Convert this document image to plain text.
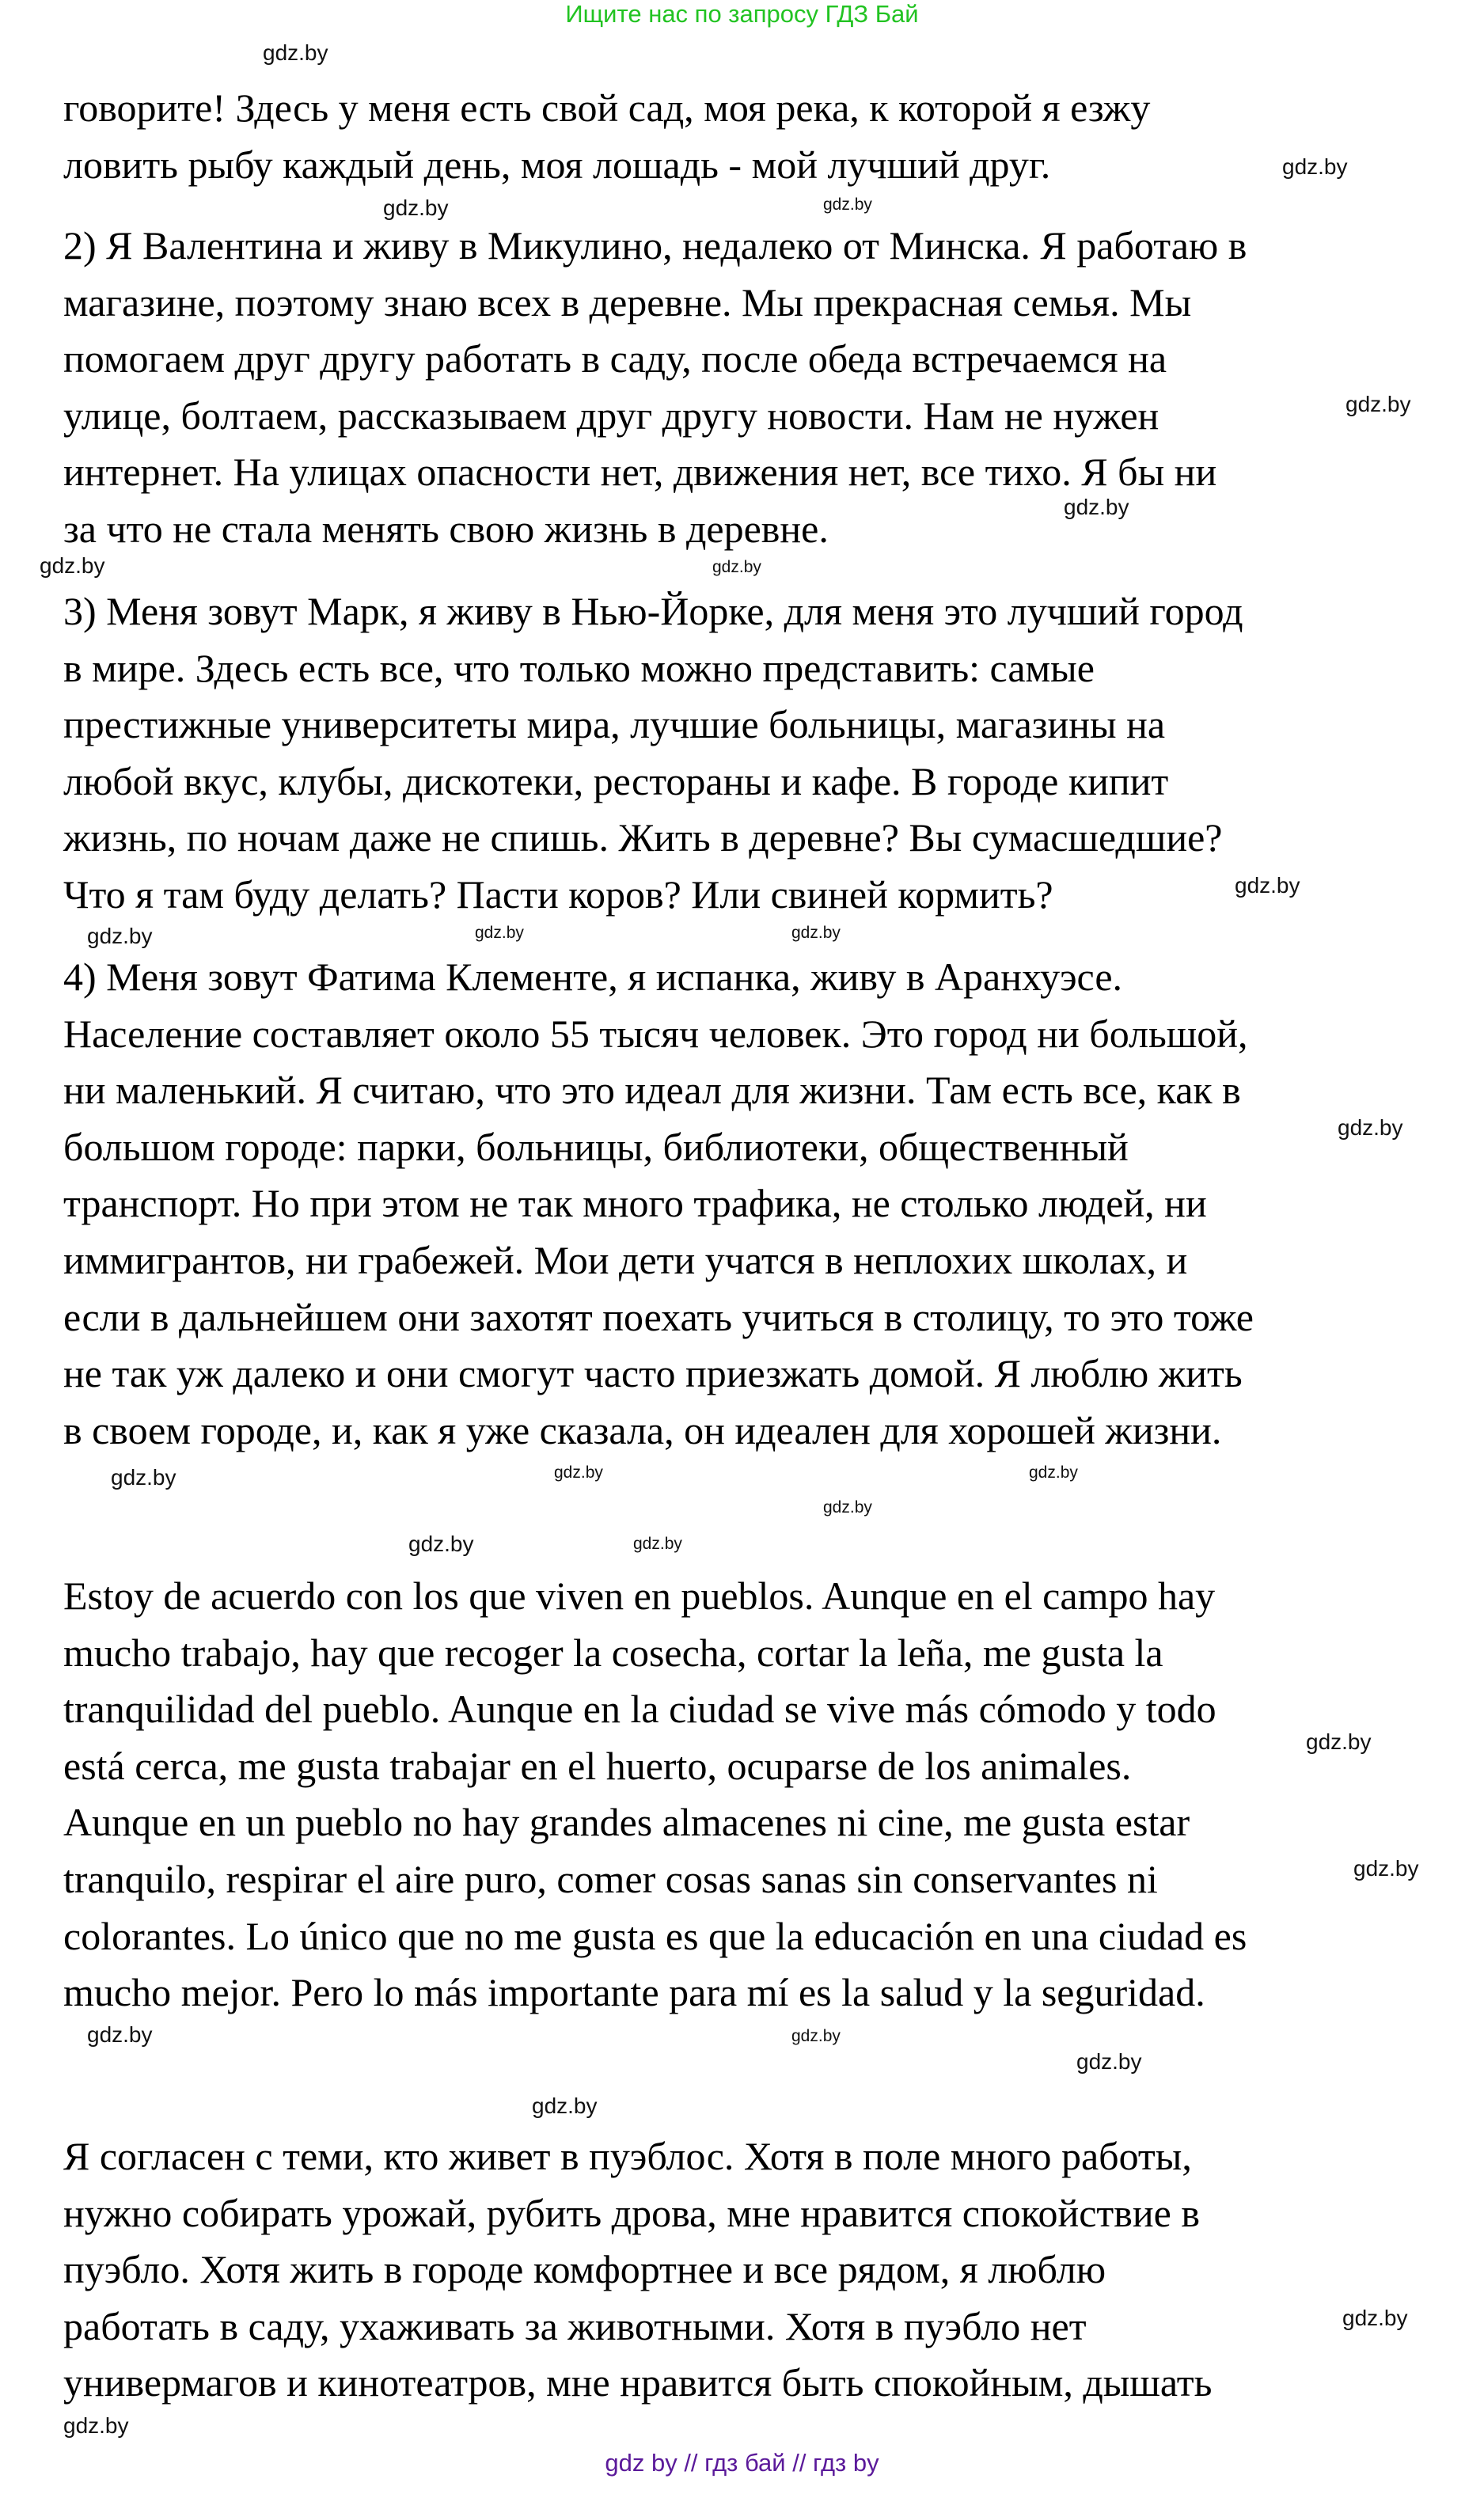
Ищите нас по запросу ГДЗ Бай
говорите! Здесь у меня есть свой сад, моя река, к которой я езжу
ловить рыбу каждый день, моя лошадь - мой лучший друг.
2) Я Валентина и живу в Микулино, недалеко от Минска. Я работаю в
магазине, поэтому знаю всех в деревне. Мы прекрасная семья. Мы
помогаем друг другу работать в саду, после обеда встречаемся на
улице, болтаем, рассказываем друг другу новости. Нам не нужен
интернет. На улицах опасности нет, движения нет, все тихо. Я бы ни
за что не стала менять свою жизнь в деревне.
3) Меня зовут Марк, я живу в Нью-Йорке, для меня это лучший город
в мире. Здесь есть все, что только можно представить: самые
престижные университеты мира, лучшие больницы, магазины на
любой вкус, клубы, дискотеки, рестораны и кафе. В городе кипит
жизнь, по ночам даже не спишь. Жить в деревне? Вы сумасшедшие?
Что я там буду делать? Пасти коров? Или свиней кормить?
4) Меня зовут Фатима Клементе, я испанка, живу в Аранхуэсе.
Население составляет около 55 тысяч человек. Это город ни большой,
ни маленький. Я считаю, что это идеал для жизни. Там есть все, как в
большом городе: парки, больницы, библиотеки, общественный
транспорт. Но при этом не так много трафика, не столько людей, ни
иммигрантов, ни грабежей. Мои дети учатся в неплохих школах, и
если в дальнейшем они захотят поехать учиться в столицу, то это тоже
не так уж далеко и они смогут часто приезжать домой. Я люблю жить
в своем городе, и, как я уже сказала, он идеален для хорошей жизни.
Estoy de acuerdo con los que viven en pueblos. Aunque en el campo hay
mucho trabajo, hay que recoger la cosecha, cortar la leña, me gusta la
tranquilidad del pueblo. Aunque en la ciudad se vive más cómodo y todo
está cerca, me gusta trabajar en el huerto, ocuparse de los animales.
Aunque en un pueblo no hay grandes almacenes ni cine, me gusta estar
tranquilo, respirar el aire puro, comer cosas sanas sin conservantes ni
colorantes. Lo único que no me gusta es que la educación en una ciudad es
mucho mejor. Pero lo más importante para mí es la salud y la seguridad.
Я согласен с теми, кто живет в пуэблос. Хотя в поле много работы,
нужно собирать урожай, рубить дрова, мне нравится спокойствие в
пуэбло. Хотя жить в городе комфортнее и все рядом, я люблю
работать в саду, ухаживать за животными. Хотя в пуэбло нет
универмагов и кинотеатров, мне нравится быть спокойным, дышать
gdz.by
gdz.by
gdz.by
gdz.by
gdz.by
gdz.by
gdz.by	gdz.by
gdz.by
gdz.by
gdz.by	gdz.by
gdz.by
gdz.by
gdz.by
gdz.by
gdz.by
gdz.by
gdz.by
gdz.by
gdz.by
gdz.by
gdz.by
gdz.by
gdz.by
gdz.by
gdz.by
gdz by // гдз бай // гдз by
